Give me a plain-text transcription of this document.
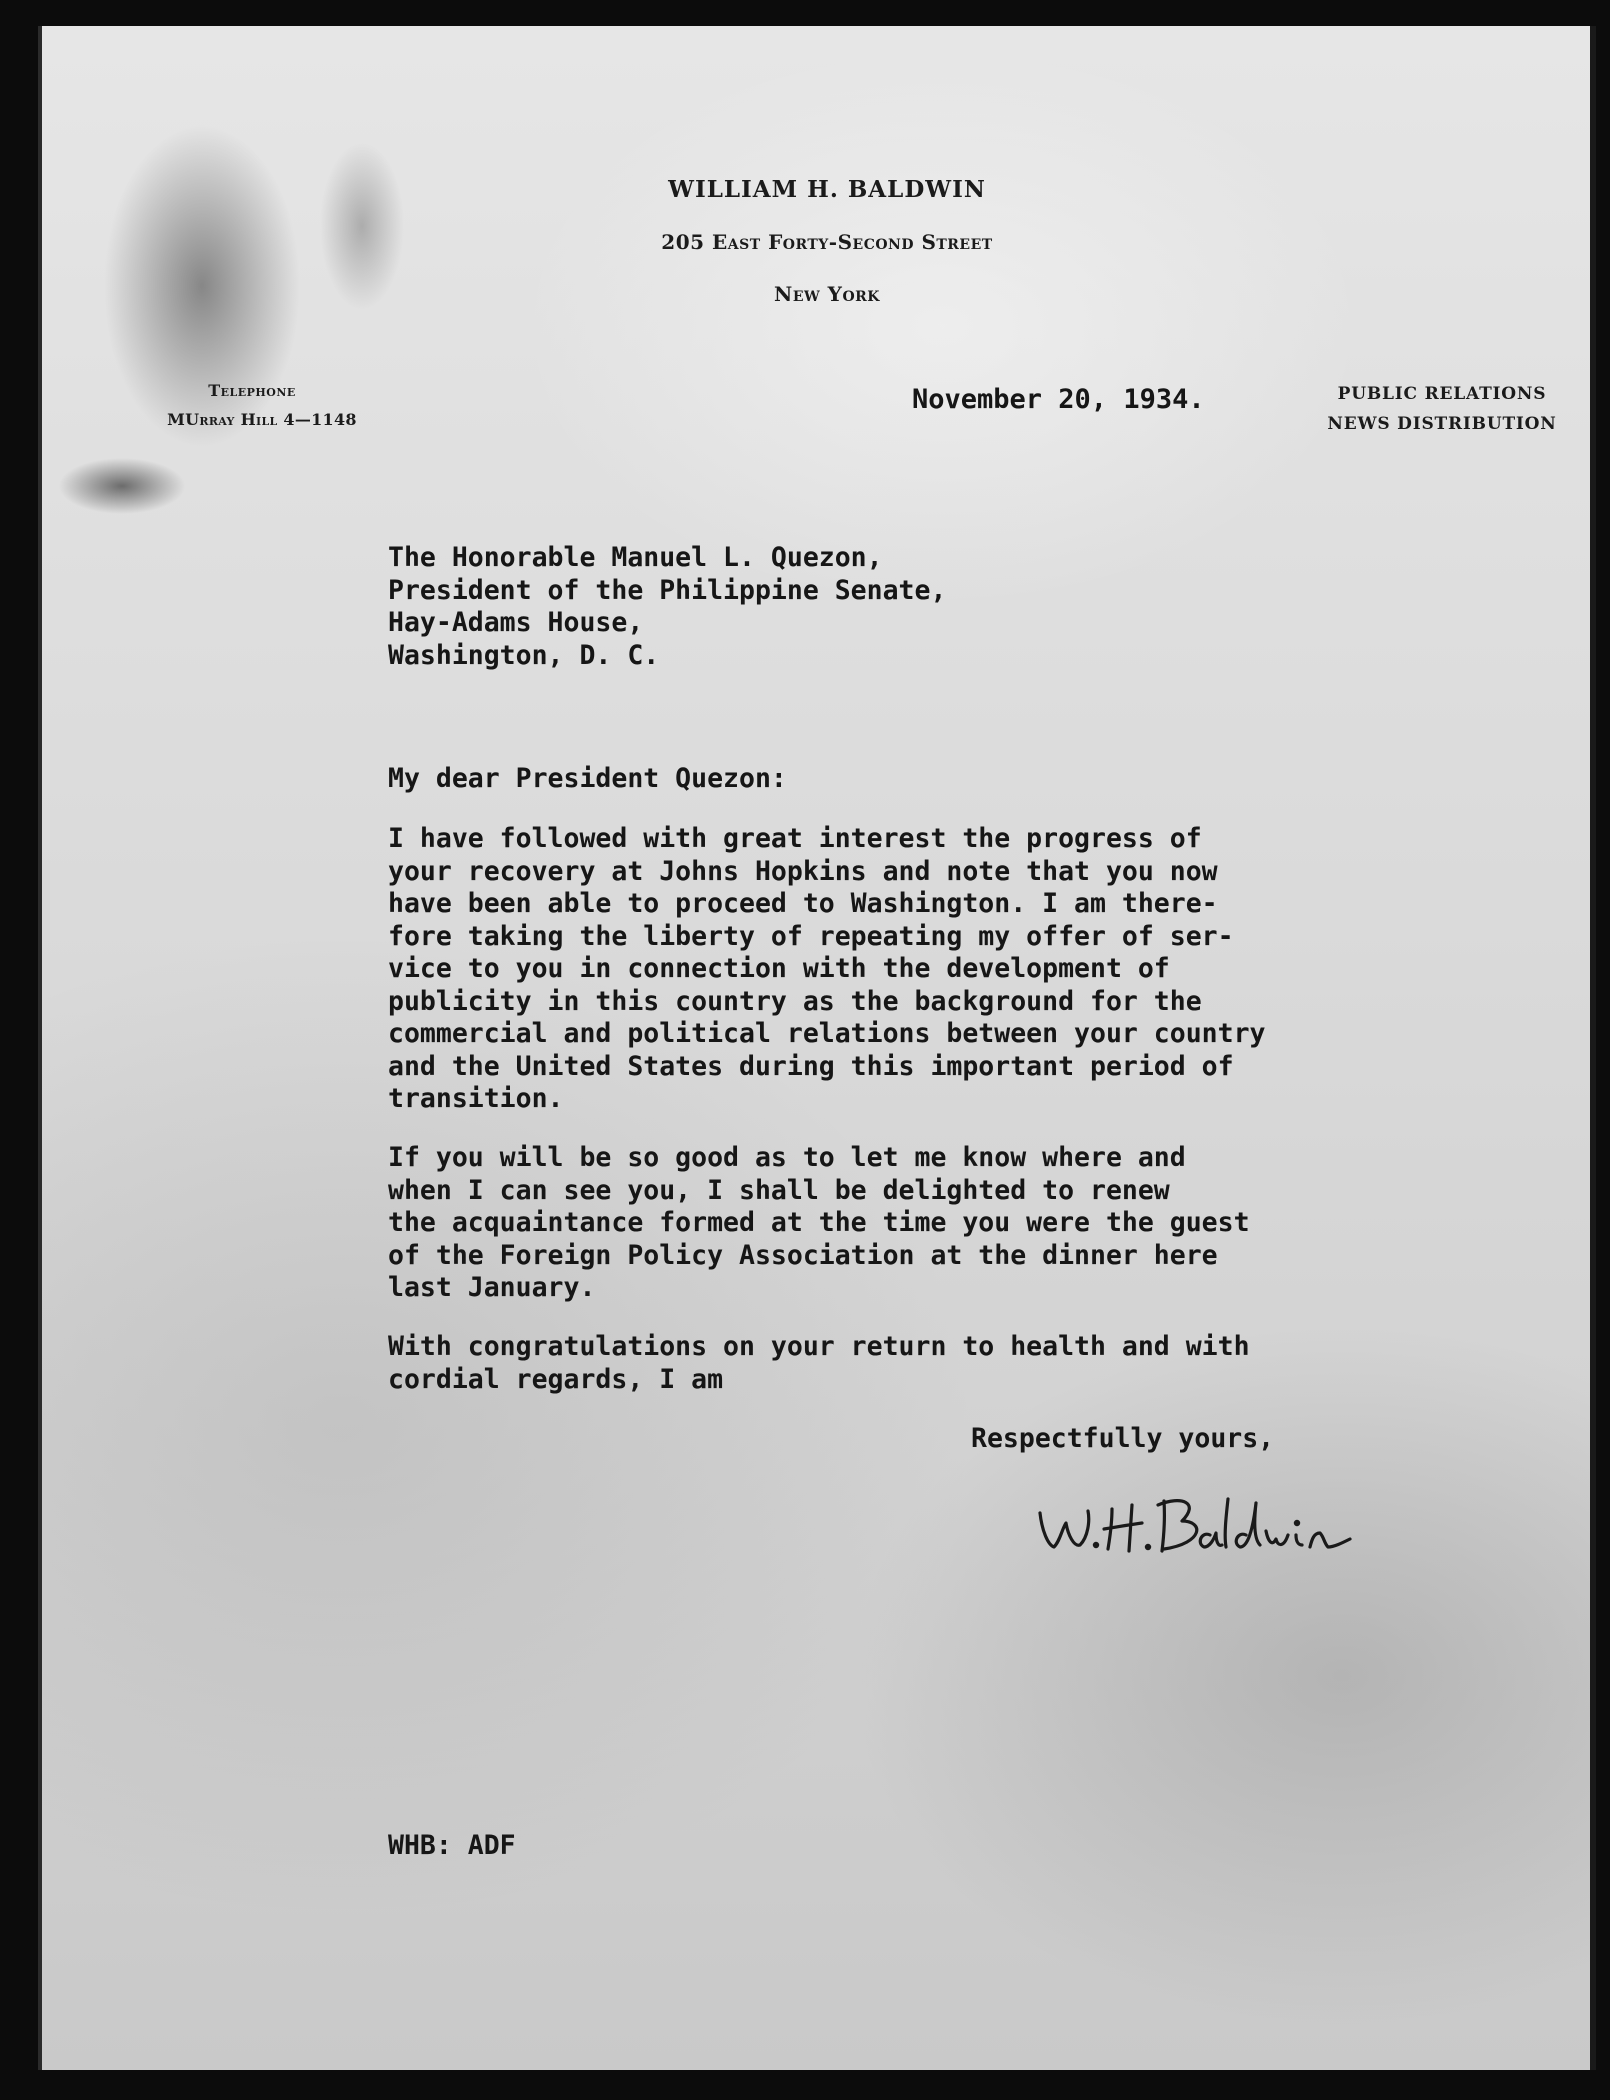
WILLIAM H. BALDWIN
205 East Forty-Second Street
New York
Telephone
MUrray Hill 4—1148
PUBLIC RELATIONS
NEWS DISTRIBUTION
November 20, 1934.
The Honorable Manuel L. Quezon,
President of the Philippine Senate,
Hay-Adams House,
Washington, D. C.
My dear President Quezon:
I have followed with great interest the progress of
your recovery at Johns Hopkins and note that you now
have been able to proceed to Washington. I am there-
fore taking the liberty of repeating my offer of ser-
vice to you in connection with the development of
publicity in this country as the background for the
commercial and political relations between your country
and the United States during this important period of
transition.
If you will be so good as to let me know where and
when I can see you, I shall be delighted to renew
the acquaintance formed at the time you were the guest
of the Foreign Policy Association at the dinner here
last January.
With congratulations on your return to health and with
cordial regards, I am
Respectfully yours,
WHB: ADF
